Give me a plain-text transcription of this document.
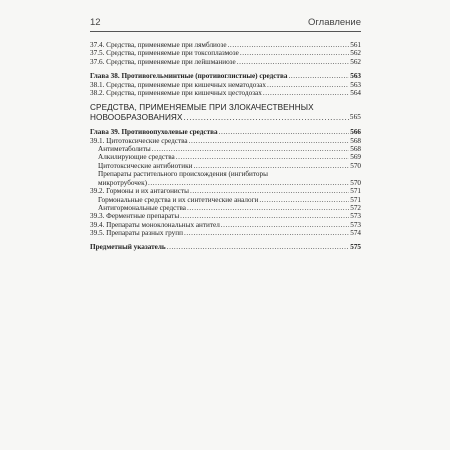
12	Оглавление
37.4. Средства, применяемые при лямблиозе .....	561
37.5. Средства, применяемые при токсоплазмозе .....	562
37.6. Средства, применяемые при лейшманиозе .....	562
Глава 38. Противогельминтные (противоглистные) средства .....	563
38.1. Средства, применяемые при кишечных нематодозах .....	563
38.2. Средства, применяемые при кишечных цестодозах .....	564
СРЕДСТВА, ПРИМЕНЯЕМЫЕ ПРИ ЗЛОКАЧЕСТВЕННЫХ
НОВООБРАЗОВАНИЯХ .....	565
Глава 39. Противоопухолевые средства .....	566
39.1. Цитотоксические средства .....	568
Антиметаболиты .....	568
Алкилирующие средства .....	569
Цитотоксические антибиотики .....	570
Препараты растительного происхождения (ингибиторы
микротрубочек) .....	570
39.2. Гормоны и их антагонисты .....	571
Гормональные средства и их синтетические аналоги .....	571
Антигормональные средства .....	572
39.3. Ферментные препараты .....	573
39.4. Препараты моноклональных антител .....	573
39.5. Препараты разных групп .....	574
Предметный указатель .....	575
